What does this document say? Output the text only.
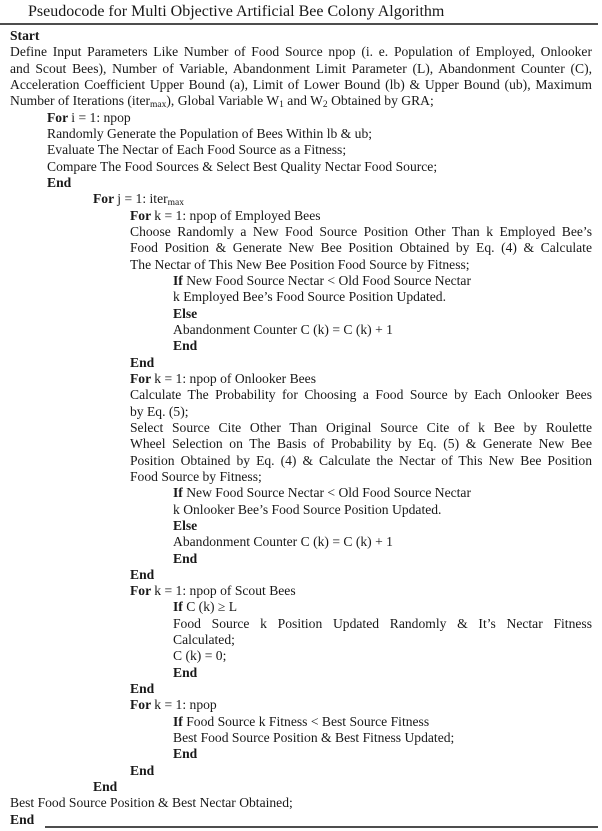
Pseudocode for Multi Objective Artificial Bee Colony Algorithm
Start
Define Input Parameters Like Number of Food Source npop (i. e. Population of Employed, Onlooker
and Scout Bees), Number of Variable, Abandonment Limit Parameter (L), Abandonment Counter (C),
Acceleration Coefficient Upper Bound (a), Limit of Lower Bound (lb) & Upper Bound (ub), Maximum
Number of Iterations (iter$_{max}$), Global Variable $W_1$ and $W_2$ Obtained by GRA;
For i = 1: npop
Randomly Generate the Population of Bees Within lb & ub;
Evaluate The Nectar of Each Food Source as a Fitness;
Compare The Food Sources & Select Best Quality Nectar Food Source;
End
For j = 1: iter$_{max}$
For k = 1: npop of Employed Bees
Choose Randomly a New Food Source Position Other Than k Employed Bee’s
Food Position & Generate New Bee Position Obtained by Eq. (4) & Calculate
The Nectar of This New Bee Position Food Source by Fitness;
If New Food Source Nectar < Old Food Source Nectar
k Employed Bee’s Food Source Position Updated.
Else
Abandonment Counter C (k) = C (k) + 1
End
End
For k = 1: npop of Onlooker Bees
Calculate The Probability for Choosing a Food Source by Each Onlooker Bees
by Eq. (5);
Select Source Cite Other Than Original Source Cite of k Bee by Roulette
Wheel Selection on The Basis of Probability by Eq. (5) & Generate New Bee
Position Obtained by Eq. (4) & Calculate the Nectar of This New Bee Position
Food Source by Fitness;
If New Food Source Nectar < Old Food Source Nectar
k Onlooker Bee’s Food Source Position Updated.
Else
Abandonment Counter C (k) = C (k) + 1
End
End
For k = 1: npop of Scout Bees
If C (k) ≥ L
Food Source k Position Updated Randomly & It’s Nectar Fitness
Calculated;
C (k) = 0;
End
End
For k = 1: npop
If Food Source k Fitness < Best Source Fitness
Best Food Source Position & Best Fitness Updated;
End
End
End
Best Food Source Position & Best Nectar Obtained;
End
